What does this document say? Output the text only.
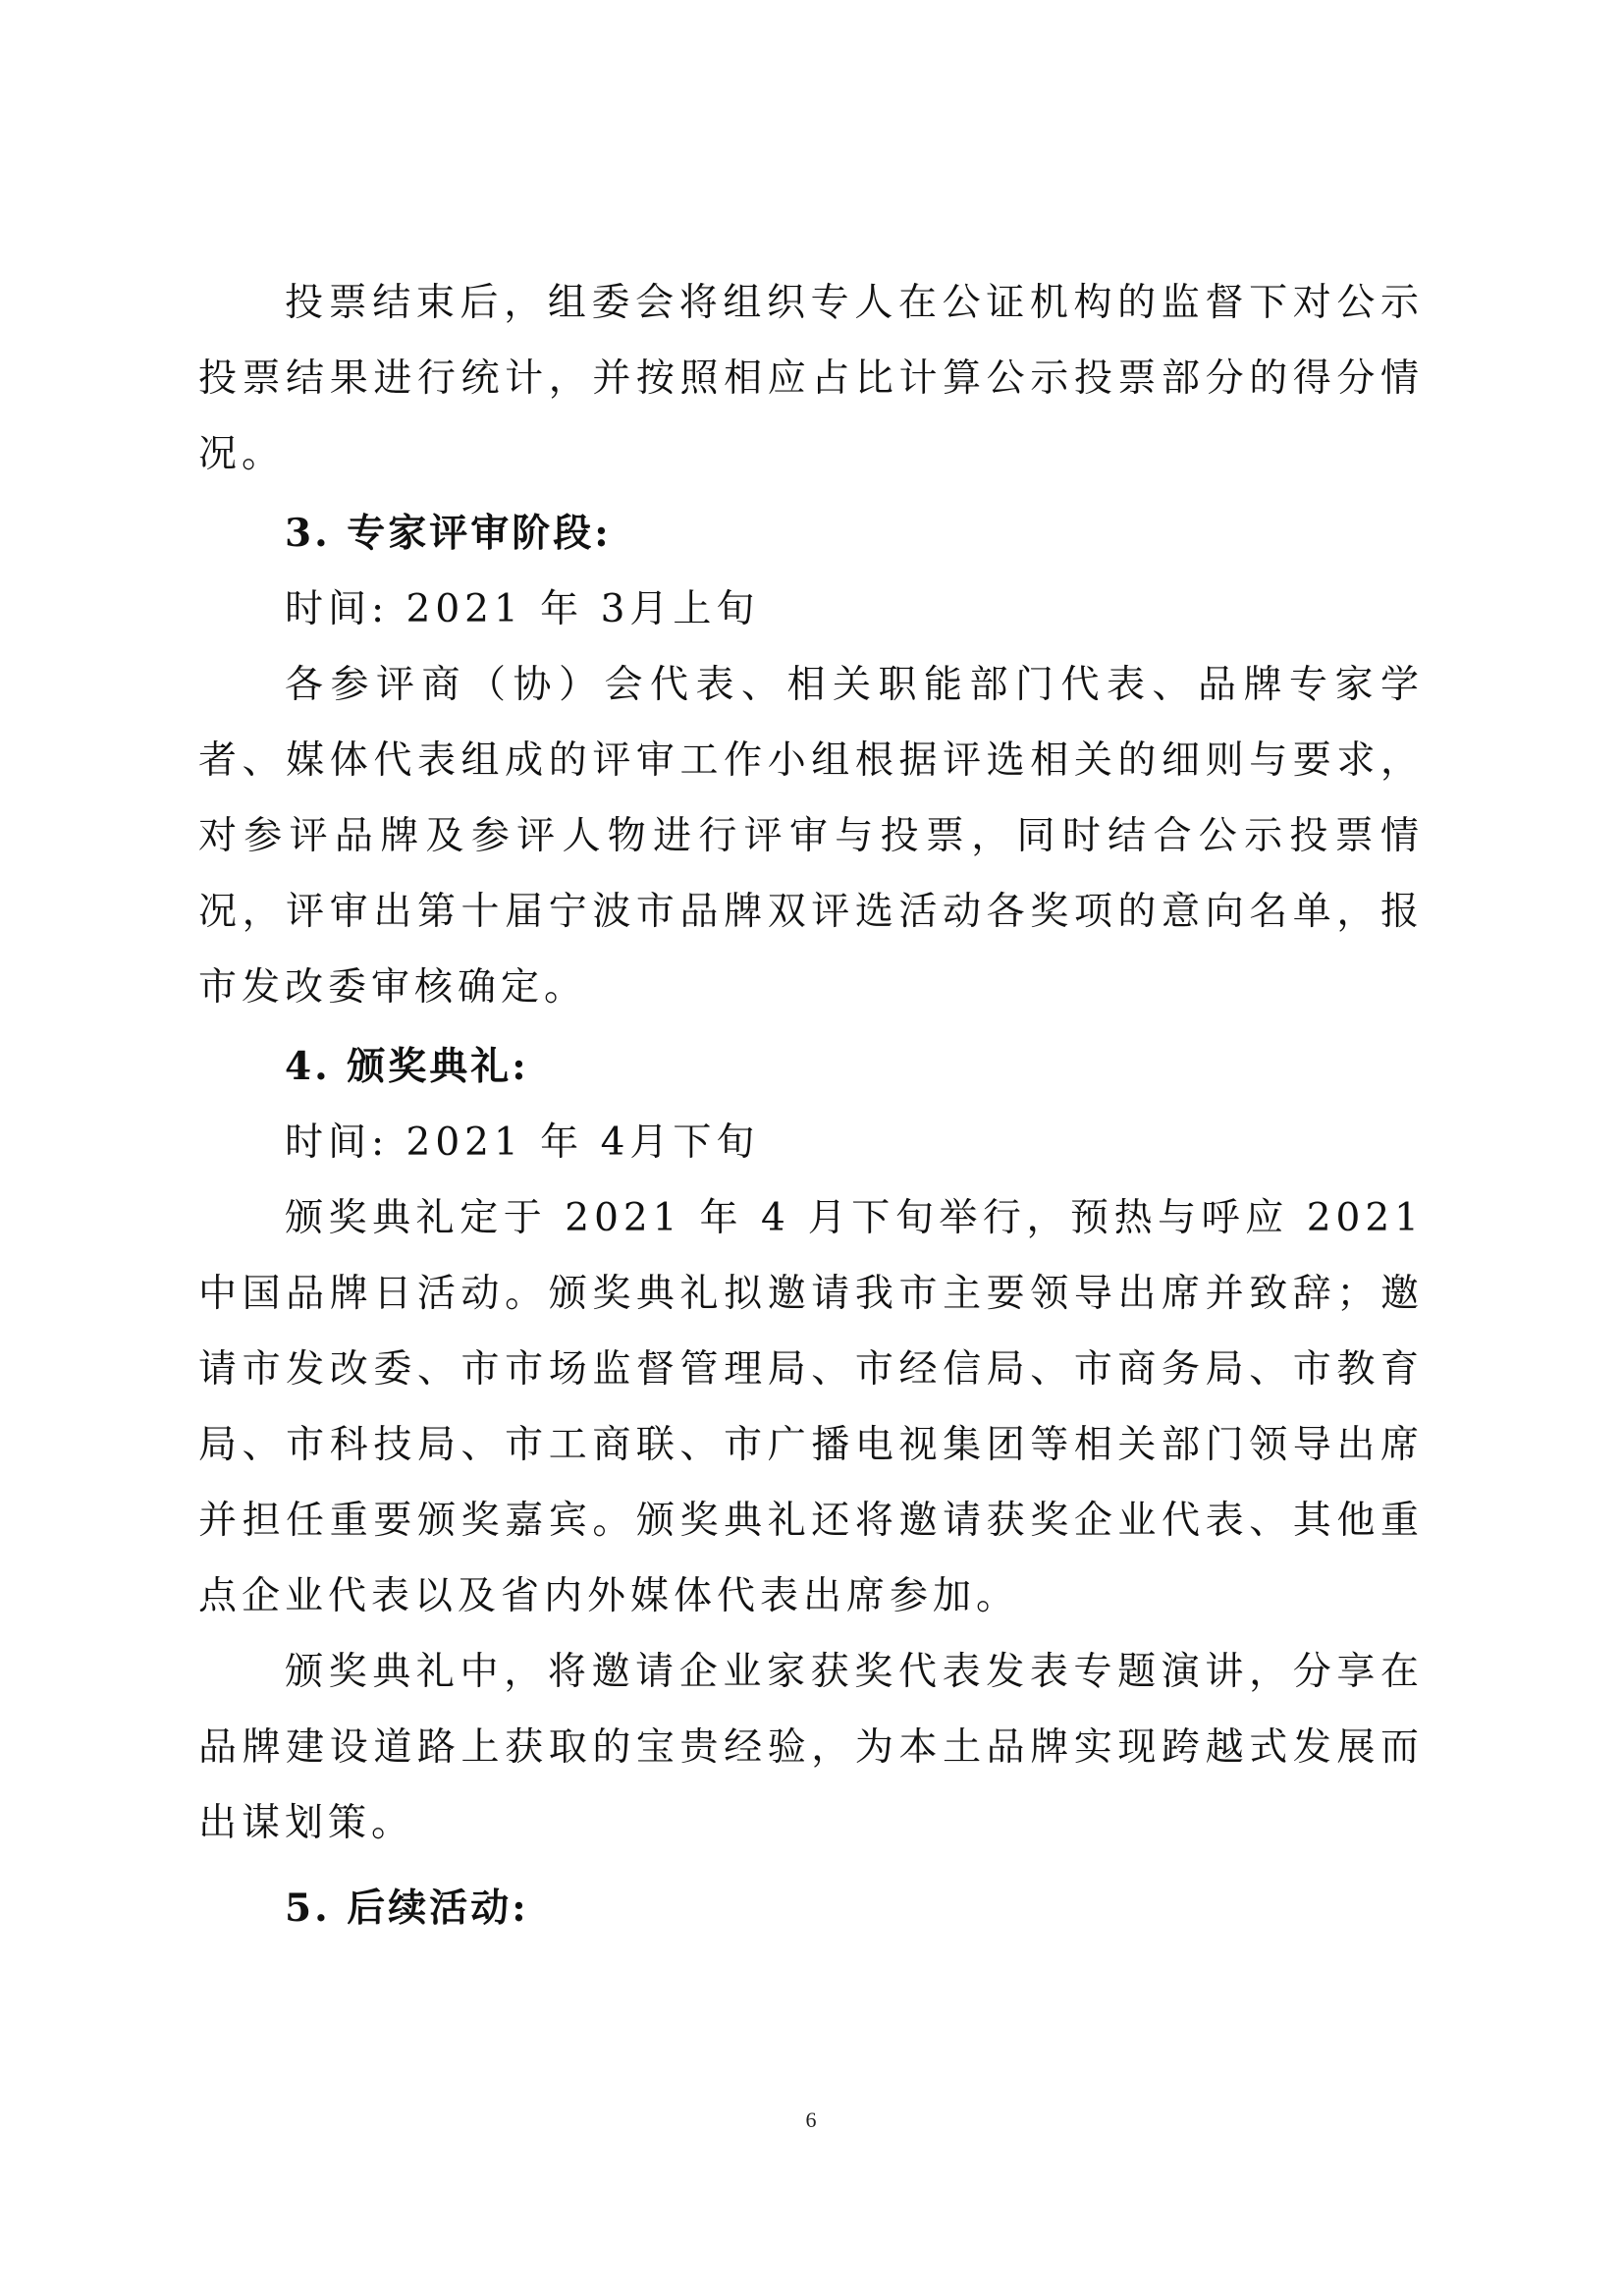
投票结束后，组委会将组织专人在公证机构的监督下对公示投票结果进行统计，并按照相应占比计算公示投票部分的得分情况。

3. 专家评审阶段:

时间: 2021 年 3月上旬

各参评商（协）会代表、相关职能部门代表、品牌专家学者、媒体代表组成的评审工作小组根据评选相关的细则与要求，对参评品牌及参评人物进行评审与投票，同时结合公示投票情况，评审出第十届宁波市品牌双评选活动各奖项的意向名单，报市发改委审核确定。

4. 颁奖典礼:

时间: 2021 年 4月下旬

颁奖典礼定于 2021 年 4 月下旬举行，预热与呼应 2021 中国品牌日活动。颁奖典礼拟邀请我市主要领导出席并致辞；邀请市发改委、市市场监督管理局、市经信局、市商务局、市教育局、市科技局、市工商联、市广播电视集团等相关部门领导出席并担任重要颁奖嘉宾。颁奖典礼还将邀请获奖企业代表、其他重点企业代表以及省内外媒体代表出席参加。

颁奖典礼中，将邀请企业家获奖代表发表专题演讲，分享在品牌建设道路上获取的宝贵经验，为本土品牌实现跨越式发展而出谋划策。

5. 后续活动:

6
